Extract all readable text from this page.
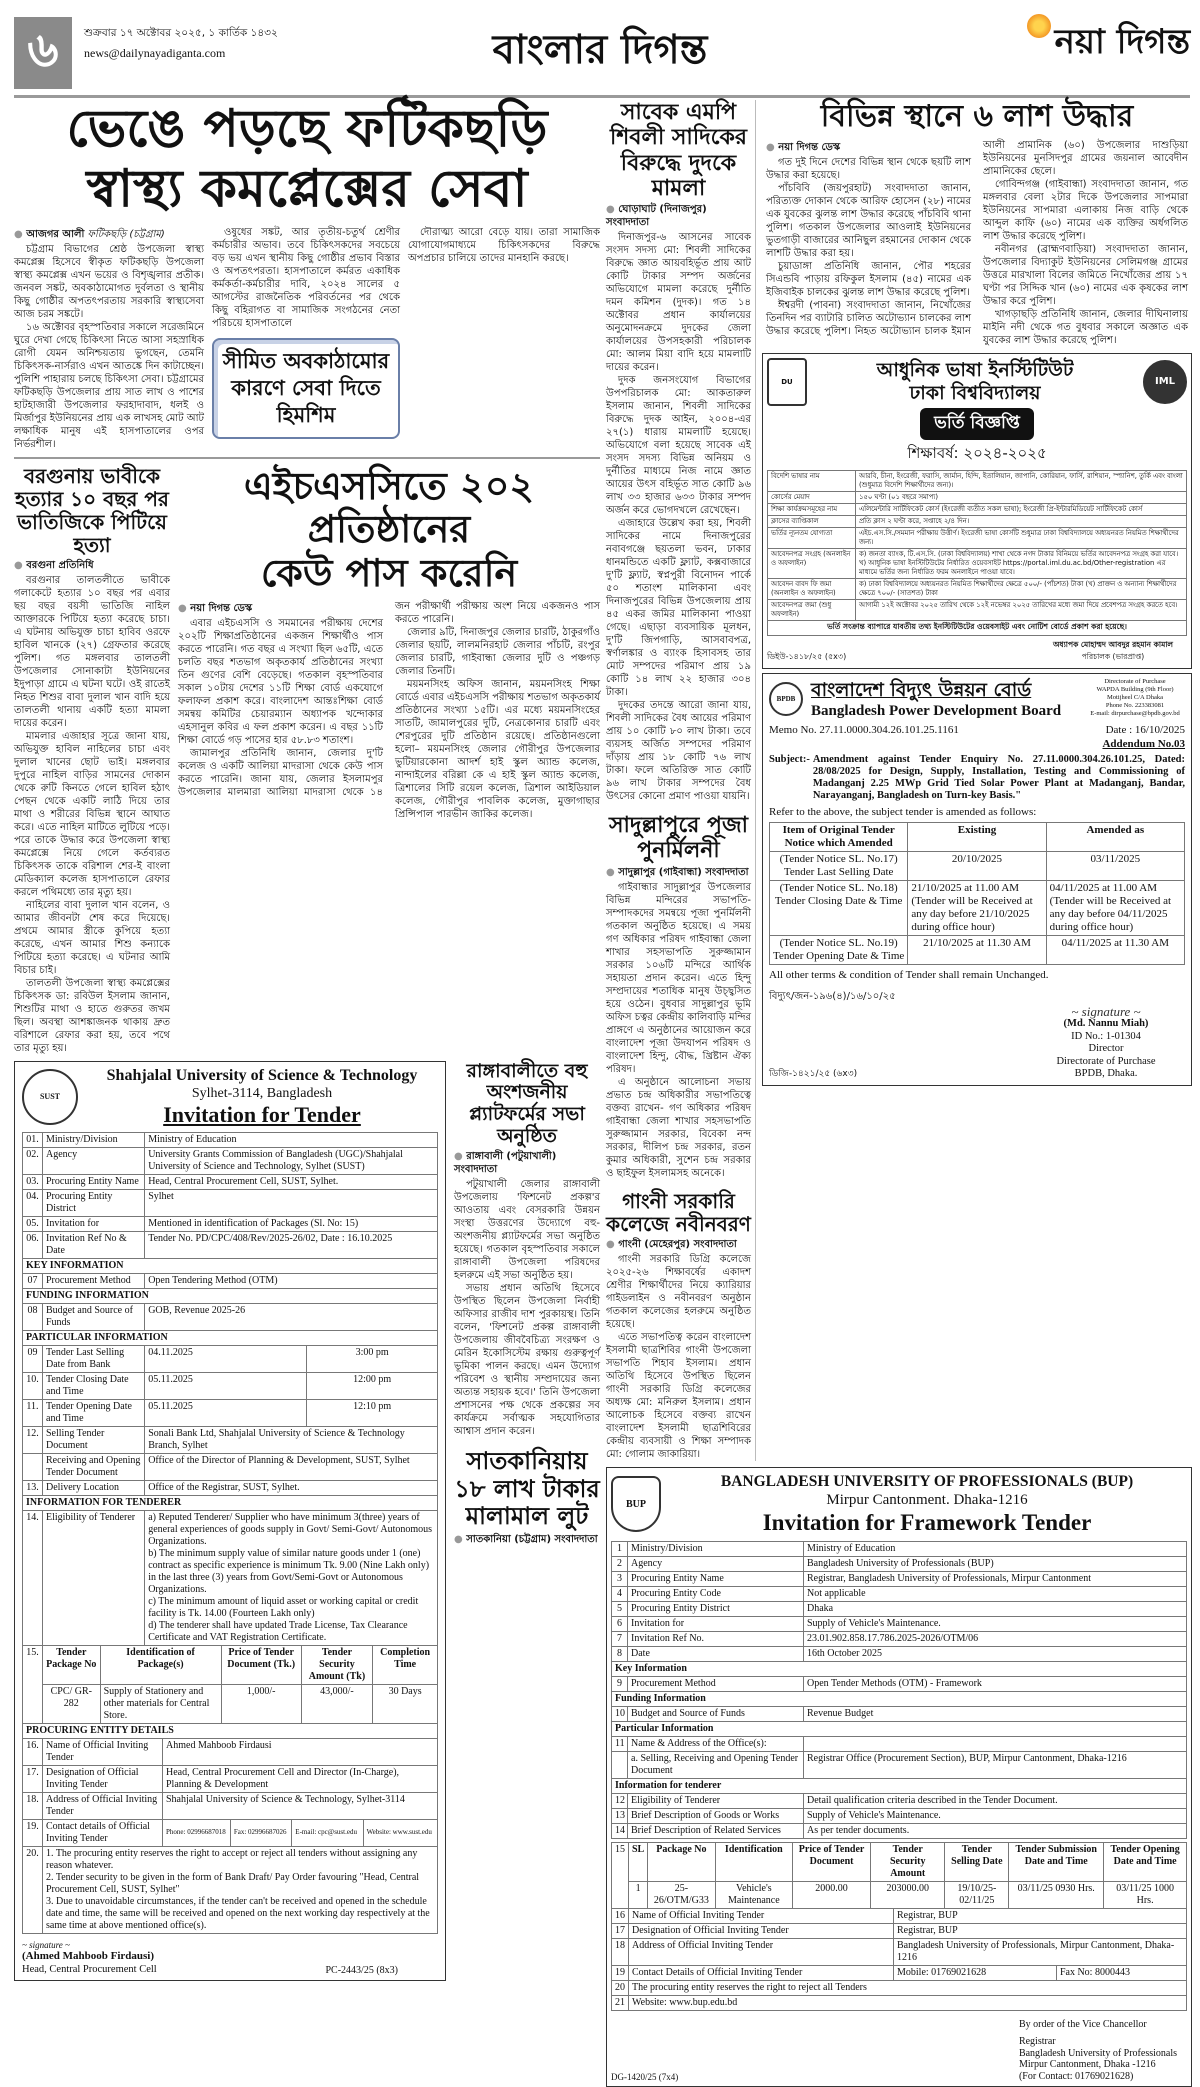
৬	শুক্রবার ১৭ অক্টোবর ২০২৫, ১ কার্তিক ১৪৩২
news@dailynayadiganta.com	বাংলার দিগন্ত	নয়া দিগন্ত
ভেঙে পড়ছে ফটিকছড়ি
স্বাস্থ্য কমপ্লেক্সের সেবা
● আজগর আলী ফটিকছড়ি (চট্টগ্রাম)

চট্টগ্রাম বিভাগের শ্রেষ্ঠ উপজেলা স্বাস্থ্য কমপ্লেক্স হিসেবে স্বীকৃত ফটিকছড়ি উপজেলা স্বাস্থ্য কমপ্লেক্স এখন ভয়ের ও বিশৃঙ্খলার প্রতীক। জনবল সঙ্কট, অবকাঠামোগত দুর্বলতা ও স্থানীয় কিছু গোষ্ঠীর অপতৎপরতায় সরকারি স্বাস্থ্যসেবা আজ চরম সঙ্কটে।

১৬ অক্টোবর বৃহস্পতিবার সকালে সরেজমিনে ঘুরে দেখা গেছে চিকিৎসা নিতে আসা সহস্রাধিক রোগী যেমন অনিশ্চয়তায় ভুগছেন, তেমনি চিকিৎসক-নার্সরাও এখন আতঙ্কে দিন কাটাচ্ছেন। পুলিশি পাহারায় চলছে চিকিৎসা সেবা। চট্টগ্রামের ফটিকছড়ি উপজেলার প্রায় সাত লাখ ও পাশের হাটহাজারী উপজেলার ফরহাদাবাদ, ধলই ও মির্জাপুর ইউনিয়নের প্রায় এক লাখসহ মোট আট লক্ষাধিক মানুষ এই হাসপাতালের ওপর নির্ভরশীল।

ওষুধের সঙ্কট, আর তৃতীয়-চতুর্থ শ্রেণীর কর্মচারীর অভাব। তবে চিকিৎসকদের সবচেয়ে বড় ভয় এখন স্থানীয় কিছু গোষ্ঠীর প্রভাব বিস্তার ও অপতৎপরতা। হাসপাতালে কর্মরত একাধিক কর্মকর্তা-কর্মচারীর দাবি, ২০২৪ সালের ৫ আগস্টের রাজনৈতিক পরিবর্তনের পর থেকে কিছু বহিরাগত বা সামাজিক সংগঠনের নেতা পরিচয়ে হাসপাতালে

সীমিত অবকাঠামোর কারণে সেবা দিতে হিমশিম

দৌরাত্ম্য আরো বেড়ে যায়। তারা সামাজিক যোগাযোগমাধ্যমে চিকিৎসকদের বিরুদ্ধে অপপ্রচার চালিয়ে তাদের মানহানি করছে।

বরগুনায় ভাবীকে হত্যার ১০ বছর পর ভাতিজিকে পিটিয়ে হত্যা
● বরগুনা প্রতিনিধি

বরগুনার তালতলীতে ভাবীকে গলাকেটে হত্যার ১০ বছর পর এবার ছয় বছর বয়সী ভাতিজি নাহিল আক্তারকে পিটিয়ে হত্যা করেছে চাচা। এ ঘটনায় অভিযুক্ত চাচা হাবিব ওরফে হাবিল খানকে (২৭) গ্রেফতার করেছে পুলিশ। গত মঙ্গলবার তালতলী উপজেলার সোনাকাটা ইউনিয়নের ইদুপাড়া গ্রামে এ ঘটনা ঘটে। ওই রাতেই নিহত শিশুর বাবা দুলাল খান বাদি হয়ে তালতলী থানায় একটি হত্যা মামলা দায়ের করেন।

মামলার এজাহার সূত্রে জানা যায়, অভিযুক্ত হাবিল নাহিলের চাচা এবং দুলাল খানের ছোট ভাই। মঙ্গলবার দুপুরে নাহিল বাড়ির সামনের দোকান থেকে রুটি কিনতে গেলে হাবিল হঠাৎ পেছন থেকে একটি লাঠি দিয়ে তার মাথা ও শরীরের বিভিন্ন স্থানে আঘাত করে। এতে নাহিল মাটিতে লুটিয়ে পড়ে। পরে তাকে উদ্ধার করে উপজেলা স্বাস্থ্য কমপ্লেক্সে নিয়ে গেলে কর্তব্যরত চিকিৎসক তাকে বরিশাল শের-ই বাংলা মেডিক্যাল কলেজ হাসপাতালে রেফার করলে পথিমধ্যে তার মৃত্যু হয়।

নাহিলের বাবা দুলাল খান বলেন, ও আমার জীবনটা শেষ করে দিয়েছে। প্রথমে আমার স্ত্রীকে কুপিয়ে হত্যা করেছে, এখন আমার শিশু কন্যাকে পিটিয়ে হত্যা করেছে। এ ঘটনার আমি বিচার চাই।

তালতলী উপজেলা স্বাস্থ্য কমপ্লেক্সের চিকিৎসক ডা: রবিউল ইসলাম জানান, শিশুটির মাথা ও হাতে গুরুতর জখম ছিল। অবস্থা আশঙ্কাজনক থাকায় দ্রুত বরিশালে রেফার করা হয়, তবে পথে তার মৃত্যু হয়।

এইচএসসিতে ২০২ প্রতিষ্ঠানের
কেউ পাস করেনি
● নয়া দিগন্ত ডেস্ক

এবার এইচএসসি ও সমমানের পরীক্ষায় দেশের ২০২টি শিক্ষাপ্রতিষ্ঠানের একজন শিক্ষার্থীও পাস করতে পারেনি। গত বছর এ সংখ্যা ছিল ৬৫টি, এতে চলতি বছর শতভাগ অকৃতকার্য প্রতিষ্ঠানের সংখ্যা তিন গুণের বেশি বেড়েছে। গতকাল বৃহস্পতিবার সকাল ১০টায় দেশের ১১টি শিক্ষা বোর্ড একযোগে ফলাফল প্রকাশ করে। বাংলাদেশ আন্তঃশিক্ষা বোর্ড সমন্বয় কমিটির চেয়ারম্যান অধ্যাপক খন্দোকার এহসানুল কবির এ ফল প্রকাশ করেন। এ বছর ১১টি শিক্ষা বোর্ডে গড় পাসের হার ৫৮.৮৩ শতাংশ।

জামালপুর প্রতিনিধি জানান, জেলার দু'টি কলেজ ও একটি আলিয়া মাদরাসা থেকে কেউ পাস করতে পারেনি। জানা যায়, জেলার ইসলামপুর উপজেলার মালমারা আলিয়া মাদরাসা থেকে ১৪ জন পরীক্ষার্থী পরীক্ষায় অংশ নিয়ে একজনও পাস করতে পারেনি।

জেলার ৯টি, দিনাজপুর জেলার চারটি, ঠাকুরগাঁও জেলার ছয়টি, লালমনিরহাট জেলার পাঁচটি, রংপুর জেলার চারটি, গাইবান্ধা জেলার দুটি ও পঞ্চগড় জেলার তিনটি।

ময়মনসিংহ অফিস জানান, ময়মনসিংহ শিক্ষা বোর্ডে এবার এইচএসসি পরীক্ষায় শতভাগ অকৃতকার্য প্রতিষ্ঠানের সংখ্যা ১৫টি। এর মধ্যে ময়মনসিংহের সাতটি, জামালপুরের দুটি, নেত্রকোনার চারটি এবং শেরপুরের দুটি প্রতিষ্ঠান রয়েছে। প্রতিষ্ঠানগুলো হলো– ময়মনসিংহ জেলার গৌরীপুর উপজেলার ভুটিয়ারকোনা আদর্শ হাই স্কুল অ্যান্ড কলেজ, নান্দাইলের বরিল্লা কে এ হাই স্কুল অ্যান্ড কলেজ, ত্রিশালের সিটি রয়েল কলেজ, ত্রিশাল আইডিয়াল কলেজ, গৌরীপুর পাবলিক কলেজ, মুক্তাগাছার প্রিন্সিপাল পারভীন জাকির কলেজ।

SUST
Shahjalal University of Science & Technology
Sylhet-3114, Bangladesh
Invitation for Tender
01.	Ministry/Division	Ministry of Education	
02.	Agency	University Grants Commission of Bangladesh (UGC)/Shahjalal University of Science and Technology, Sylhet (SUST)	
03.	Procuring Entity Name	Head, Central Procurement Cell, SUST, Sylhet.	
04.	Procuring Entity District	Sylhet	
05.	Invitation for	Mentioned in identification of Packages (Sl. No: 15)	
06.	Invitation Ref No & Date	Tender No. PD/CPC/408/Rev/2025-26/02, Date : 16.10.2025	
KEY INFORMATION			
07	Procurement Method	Open Tendering Method (OTM)	
FUNDING INFORMATION			
08	Budget and Source of Funds	GOB, Revenue 2025-26	
PARTICULAR INFORMATION			
09	Tender Last Selling Date from Bank	04.11.2025	3:00 pm
10.	Tender Closing Date and Time	05.11.2025	12:00 pm
11.	Tender Opening Date and Time	05.11.2025	12:10 pm
12.	Selling Tender Document	Sonali Bank Ltd, Shahjalal University of Science & Technology Branch, Sylhet	
	Receiving and Opening Tender Document	Office of the Director of Planning & Development, SUST, Sylhet	
13.	Delivery Location	Office of the Registrar, SUST, Sylhet.	
INFORMATION FOR TENDERER			
14.	Eligibility of Tenderer	a) Reputed Tenderer/ Supplier who have minimum 3(three) years of general experiences of goods supply in Govt/ Semi-Govt/ Autonomous Organizations.
b) The minimum supply value of similar nature goods under 1 (one) contract as specific experience is minimum Tk. 9.00 (Nine Lakh only) in the last three (3) years from Govt/Semi-Govt or Autonomous Organizations.
c) The minimum amount of liquid asset or working capital or credit facility is Tk. 14.00 (Fourteen Lakh only)
d) The tenderer shall have updated Trade License, Tax Clearance Certificate and VAT Registration Certificate.	
15.	Tender Package No	Identification of Package(s)	Price of Tender Document (Tk.)	Tender Security Amount (Tk)	Completion Time
	CPC/ GR-282	Supply of Stationery and other materials for Central Store.	1,000/-	43,000/-	30 Days
PROCURING ENTITY DETAILS					
16.	Name of Official Inviting Tender	Ahmed Mahboob Firdausi			
17.	Designation of Official Inviting Tender	Head, Central Procurement Cell and Director (In-Charge), Planning & Development			
18.	Address of Official Inviting Tender	Shahjalal University of Science & Technology, Sylhet-3114			
19.	Contact details of Official Inviting Tender	Phone: 02996687018	Fax: 02996687026	E-mail: cpc@sust.edu	Website: www.sust.edu
20.	1. The procuring entity reserves the right to accept or reject all tenders without assigning any reason whatever.
2. Tender security to be given in the form of Bank Draft/ Pay Order favouring "Head, Central Procurement Cell, SUST, Sylhet"
3. Due to unavoidable circumstances, if the tender can't be received and opened in the schedule date and time, the same will be received and opened on the next working day respectively at the same time at above mentioned office(s).				
~ signature ~
(Ahmed Mahboob Firdausi)
Head, Central Procurement Cell	PC-2443/25 (8x3)
রাঙ্গাবালীতে বহু অংশজনীয় প্ল্যাটফর্মের সভা অনুষ্ঠিত
● রাঙ্গাবালী (পটুয়াখালী) সংবাদদাতা

পটুয়াখালী জেলার রাঙ্গাবালী উপজেলায় 'ফিশনেট প্রকল্প'র আওতায় এবং বেসরকারি উন্নয়ন সংস্থা উত্তরণের উদ্যোগে বহু-অংশজনীয় প্ল্যাটফর্মের সভা অনুষ্ঠিত হয়েছে। গতকাল বৃহস্পতিবার সকালে রাঙ্গাবালী উপজেলা পরিষদের হলরুমে এই সভা অনুষ্ঠিত হয়।

সভায় প্রধান অতিথি হিসেবে উপস্থিত ছিলেন উপজেলা নির্বাহী অফিসার রাজীব দাশ পুরকায়স্থ। তিনি বলেন, 'ফিশনেট প্রকল্প রাঙ্গাবালী উপজেলায় জীববৈচিত্র্য সংরক্ষণ ও মেরিন ইকোসিস্টেম রক্ষায় গুরুত্বপূর্ণ ভূমিকা পালন করছে। এমন উদ্যোগ পরিবেশ ও স্থানীয় সম্প্রদায়ের জন্য অত্যন্ত সহায়ক হবে।' তিনি উপজেলা প্রশাসনের পক্ষ থেকে প্রকল্পের সব কার্যক্রমে সর্বাত্মক সহযোগিতার আশ্বাস প্রদান করেন।

সাতকানিয়ায় ১৮ লাখ টাকার মালামাল লুট
● সাতকানিয়া (চট্টগ্রাম) সংবাদদাতা
সাবেক এমপি শিবলী সাদিকের বিরুদ্ধে দুদকে মামলা
● ঘোড়াঘাট (দিনাজপুর) সংবাদদাতা

দিনাজপুর-৬ আসনের সাবেক সংসদ সদস্য মো: শিবলী সাদিকের বিরুদ্ধে জ্ঞাত আয়বহির্ভূত প্রায় আট কোটি টাকার সম্পদ অর্জনের অভিযোগে মামলা করেছে দুর্নীতি দমন কমিশন (দুদক)। গত ১৪ অক্টোবর প্রধান কার্যালয়ের অনুমোদনক্রমে দুদকের জেলা কার্যালয়ের উপসহকারী পরিচালক মো: আলম মিয়া বাদি হয়ে মামলাটি দায়ের করেন।

দুদক জনসংযোগ বিভাগের উপপরিচালক মো: আকতারুল ইসলাম জানান, শিবলী সাদিকের বিরুদ্ধে দুদক আইন, ২০০৪-এর ২৭(১) ধারায় মামলাটি হয়েছে। অভিযোগে বলা হয়েছে সাবেক এই সংসদ সদস্য বিভিন্ন অনিয়ম ও দুর্নীতির মাধ্যমে নিজ নামে জ্ঞাত আয়ের উৎস বহির্ভূত সাত কোটি ৯৬ লাখ ৩৩ হাজার ৬৩৩ টাকার সম্পদ অর্জন করে ভোগদখলে রেখেছেন।

এজাহারে উল্লেখ করা হয়, শিবলী সাদিকের নামে দিনাজপুরের নবাবগঞ্জে ছয়তলা ভবন, ঢাকার ধানমন্ডিতে একটি ফ্ল্যাট, কক্সবাজারে দু'টি ফ্ল্যাট, স্বপ্নপুরী বিনোদন পার্কে ৫০ শতাংশ মালিকানা এবং দিনাজপুরের বিভিন্ন উপজেলায় প্রায় ৪৫ একর জমির মালিকানা পাওয়া গেছে। এছাড়া ব্যবসায়িক মূলধন, দু'টি জিপগাড়ি, আসবাবপত্র, স্বর্ণালঙ্কার ও ব্যাংক হিসাবসহ তার মোট সম্পদের পরিমাণ প্রায় ১৯ কোটি ১৪ লাখ ২২ হাজার ৩০৪ টাকা।

দুদকের তদন্তে আরো জানা যায়, শিবলী সাদিকের বৈধ আয়ের পরিমাণ প্রায় ১০ কোটি ৮০ লাখ টাকা। তবে ব্যয়সহ অর্জিত সম্পদের পরিমাণ দাঁড়ায় প্রায় ১৮ কোটি ৭৬ লাখ টাকা। ফলে অতিরিক্ত সাত কোটি ৯৬ লাখ টাকার সম্পদের বৈধ উৎসের কোনো প্রমাণ পাওয়া যায়নি।

সাদুল্লাপুরে পূজা পুনর্মিলনী
● সাদুল্লাপুর (গাইবান্ধা) সংবাদদাতা

গাইবান্ধার সাদুল্লাপুর উপজেলার বিভিন্ন মন্দিরের সভাপতি-সম্পাদকদের সমন্বয়ে পূজা পুনর্মিলনী গতকাল অনুষ্ঠিত হয়েছে। এ সময় গণ অধিকার পরিষদ গাইবান্ধা জেলা শাখার সহসভাপতি সুরুজ্জামান সরকার ১০৬টি মন্দিরে আর্থিক সহায়তা প্রদান করেন। এতে হিন্দু সম্প্রদায়ের শতাধিক মানুষ উচ্ছ্বসিত হয়ে ওঠেন। বুধবার সাদুল্লাপুর ভূমি অফিস চত্বর কেন্দ্রীয় কালিবাড়ি মন্দির প্রাঙ্গণে এ অনুষ্ঠানের আয়োজন করে বাংলাদেশ পূজা উদযাপন পরিষদ ও বাংলাদেশ হিন্দু, বৌদ্ধ, খ্রিষ্টান ঐক্য পরিষদ।

এ অনুষ্ঠানে আলোচনা সভায় প্রভাত চন্দ্র অধিকারীর সভাপতিত্বে বক্তব্য রাখেন- গণ অধিকার পরিষদ গাইবান্ধা জেলা শাখার সহসভাপতি সুরুজ্জামান সরকার, বিবেকা নন্দ সরকার, দীলিপ চন্দ্র সরকার, রতন কুমার অধিকারী, সুশেন চন্দ্র সরকার ও ছাইফুল ইসলামসহ অনেকে।

গাংনী সরকারি কলেজে নবীনবরণ
● গাংনী (মেহেরপুর) সংবাদদাতা

গাংনী সরকারি ডিগ্রি কলেজে ২০২৫-২৬ শিক্ষাবর্ষের একাদশ শ্রেণীর শিক্ষার্থীদের নিয়ে ক্যারিয়ার গাইডলাইন ও নবীনবরণ অনুষ্ঠান গতকাল কলেজের হলরুমে অনুষ্ঠিত হয়েছে।

এতে সভাপতিত্ব করেন বাংলাদেশ ইসলামী ছাত্রশিবির গাংনী উপজেলা সভাপতি শিহাব ইসলাম। প্রধান অতিথি হিসেবে উপস্থিত ছিলেন গাংনী সরকারি ডিগ্রি কলেজের অধ্যক্ষ মো: মনিরুল ইসলাম। প্রধান আলোচক হিসেবে বক্তব্য রাখেন বাংলাদেশ ইসলামী ছাত্রশিবিরের কেন্দ্রীয় ব্যবসায়ী ও শিক্ষা সম্পাদক মো: গোলাম জাকারিয়া।

বিভিন্ন স্থানে ৬ লাশ উদ্ধার
● নয়া দিগন্ত ডেস্ক

গত দুই দিনে দেশের বিভিন্ন স্থান থেকে ছয়টি লাশ উদ্ধার করা হয়েছে।

পাঁচবিবি (জয়পুরহাট) সংবাদদাতা জানান, পরিত্যক্ত দোকান থেকে আরিফ হোসেন (২৮) নামের এক যুবকের ঝুলন্ত লাশ উদ্ধার করেছে পাঁচবিবি থানা পুলিশ। গতকাল উপজেলার আওলাই ইউনিয়নের ভুতগাড়ী বাজারের আনিছুল রহমানের দোকান থেকে লাশটি উদ্ধার করা হয়।

চুয়াডাঙ্গা প্রতিনিধি জানান, পৌর শহরের সিএন্ডবি পাড়ায় রফিকুল ইসলাম (৪৫) নামের এক ইজিবাইক চালকের ঝুলন্ত লাশ উদ্ধার করেছে পুলিশ।

ঈশ্বরদী (পাবনা) সংবাদদাতা জানান, নিখোঁজের তিনদিন পর ব্যাটারি চালিত অটোভ্যান চালকের লাশ উদ্ধার করেছে পুলিশ। নিহত অটোভ্যান চালক ইমান আলী প্রামানিক (৬০) উপজেলার দাশুড়িয়া ইউনিয়নের মুনসিদপুর গ্রামের জয়নাল আবেদীন প্রামানিকের ছেলে।

গোবিন্দগঞ্জ (গাইবান্ধা) সংবাদদাতা জানান, গত মঙ্গলবার বেলা ২টার দিকে উপজেলার সাপমারা ইউনিয়নের সাপমারা এলাকায় নিজ বাড়ি থেকে আব্দুল কাফি (৬০) নামের এক ব্যক্তির অর্ধগলিত লাশ উদ্ধার করেছে পুলিশ।

নবীনগর (ব্রাহ্মণবাড়িয়া) সংবাদদাতা জানান, উপজেলার বিদ্যাকুট ইউনিয়নের সেলিমগঞ্জ গ্রামের উত্তরে মারখালা বিলের জমিতে নিখোঁজের প্রায় ১৭ ঘণ্টা পর সিদ্দিক খান (৬০) নামের এক কৃষকের লাশ উদ্ধার করে পুলিশ।

খাগড়াছড়ি প্রতিনিধি জানান, জেলার দীঘিনালায় মাইনি নদী থেকে গত বুধবার সকালে অজ্ঞাত এক যুবকের লাশ উদ্ধার করেছে পুলিশ।

DU
আধুনিক ভাষা ইনস্টিটিউট
ঢাকা বিশ্ববিদ্যালয়	IML
ভর্তি বিজ্ঞপ্তি
শিক্ষাবর্ষ: ২০২৪-২০২৫
বিদেশি ভাষার নাম	আরবি, চীনা, ইংরেজী, ফরাসি, জার্মান, হিন্দি, ইতালিয়ান, জাপানি, কোরিয়ান, ফার্সি, রাশিয়ান, স্প্যানিশ, তুর্কি এবং বাংলা (শুধুমাত্র বিদেশি শিক্ষার্থীদের জন্য)।
কোর্সের মেয়াদ	১৫০ ঘণ্টা (০১ বছরে সমাপ্য)
শিক্ষা কার্যক্রমসমূহের নাম	এলিমেন্টারি সার্টিফিকেট কোর্স (ইংরেজী ব্যতীত সকল ভাষা); ইংরেজী প্রি-ইন্টারমিডিয়েট সার্টিফিকেট কোর্স
ক্লাসের ব্যাপ্তিকাল	প্রতি ক্লাস ২ ঘণ্টা করে, সপ্তাহে ২/৪ দিন।
ভর্তির ন্যূনতম যোগ্যতা	এইচ.এস.সি./সমমান পরীক্ষায় উত্তীর্ণ। ইংরেজী ভাষা কোর্সটি শুধুমাত্র ঢাকা বিশ্ববিদ্যালয়ে অধ্যয়নরত নিয়মিত শিক্ষার্থীদের জন্য।
আবেদনপত্র সংগ্রহ (অনলাইন ও অফলাইন)	ক) জনতা ব্যাংক, টি.এস.সি. (ঢাকা বিশ্ববিদ্যালয়) শাখা থেকে নগদ টাকার বিনিময়ে ভর্তির আবেদনপত্র সংগ্রহ করা যাবে। খ) আধুনিক ভাষা ইনস্টিটিউটের নির্ধারিত ওয়েবসাইট https://portal.iml.du.ac.bd/Other-registration এর মাধ্যমে ভর্তির জন্য নির্ধারিত ফরম অনলাইনে পাওয়া যাবে।
আবেদন বাবদ ফি জমা (অনলাইন ও অফলাইন)	ক) ঢাকা বিশ্ববিদ্যালয়ে অধ্যয়নরত নিয়মিত শিক্ষার্থীদের ক্ষেত্রে ৫০০/- (পাঁচশত) টাকা (খ) প্রাক্তন ও অন্যান্য শিক্ষার্থীদের ক্ষেত্রে ৭০০/- (সাতশত) টাকা
আবেদনপত্র জমা (শুধু অফলাইন)	আগামী ১২ই অক্টোবর ২০২৫ তারিখ থেকে ১২ই নভেম্বর ২০২৫ তারিখের মধ্যে জমা দিয়ে প্রবেশপত্র সংগ্রহ করতে হবে।
ভর্তি সংক্রান্ত ব্যাপারে যাবতীয় তথ্য ইনস্টিটিউটের ওয়েবসাইট এবং নোটিশ বোর্ডে প্রকাশ করা হয়েছে।
ডিইউ-১৪১৮/২৫ (৫x৩)
অধ্যাপক মোহাম্মদ আবদুর রহমান কামাল
পরিচালক (ভারপ্রাপ্ত)
BPDB বাংলাদেশ বিদ্যুৎ উন্নয়ন বোর্ড
Bangladesh Power Development Board
Directorate of Purchase
WAPDA Building (9th Floor)
Motijheel C/A Dhaka
Phone No. 223383081
E-mail: dirpurchase@bpdb.gov.bd
Memo No. 27.11.0000.304.26.101.25.1161	Date : 16/10/2025
Addendum No.03
Subject:- Amendment against Tender Enquiry No. 27.11.0000.304.26.101.25, Dated: 28/08/2025 for Design, Supply, Installation, Testing and Commissioning of Madanganj 2.25 MWp Grid Tied Solar Power Plant at Madanganj, Bandar, Narayanganj, Bangladesh on Turn-key Basis."
Refer to the above, the subject tender is amended as follows:
Item of Original Tender Notice which Amended	Existing	Amended as
(Tender Notice SL. No.17) Tender Last Selling Date	20/10/2025	03/11/2025
(Tender Notice SL. No.18) Tender Closing Date & Time	21/10/2025 at 11.00 AM (Tender will be Received at any day before 21/10/2025 during office hour)	04/11/2025 at 11.00 AM (Tender will be Received at any day before 04/11/2025 during office hour)
(Tender Notice SL. No.19) Tender Opening Date & Time	21/10/2025 at 11.30 AM	04/11/2025 at 11.30 AM
All other terms & condition of Tender shall remain Unchanged.
বিদ্যুৎ/জন-১৯৬(৪)/১৬/১০/২৫
ডিজি-১৪২১/২৫ (৬x৩)
~ signature ~
(Md. Nannu Miah)
ID No.: 1-01304
Director
Directorate of Purchase
BPDB, Dhaka.
BUP
BANGLADESH UNIVERSITY OF PROFESSIONALS (BUP)
Mirpur Cantonment. Dhaka-1216
Invitation for Framework Tender
1	Ministry/Division	Ministry of Education
2	Agency	Bangladesh University of Professionals (BUP)
3	Procuring Entity Name	Registrar, Bangladesh University of Professionals, Mirpur Cantonment
4	Procuring Entity Code	Not applicable
5	Procuring Entity District	Dhaka
6	Invitation for	Supply of Vehicle's Maintenance.
7	Invitation Ref No.	23.01.902.858.17.786.2025-2026/OTM/06
8	Date	16th October 2025
Key Information		
9	Procurement Method	Open Tender Methods (OTM) - Framework
Funding Information		
10	Budget and Source of Funds	Revenue Budget
Particular Information		
11	Name & Address of the Office(s):	
	a. Selling, Receiving and Opening Tender Document	Registrar Office (Procurement Section), BUP, Mirpur Cantonment, Dhaka-1216
Information for tenderer		
12	Eligibility of Tenderer	Detail qualification criteria described in the Tender Document.
13	Brief Description of Goods or Works	Supply of Vehicle's Maintenance.
14	Brief Description of Related Services	As per tender documents.
15	SL	Package No	Identification	Price of Tender Document	Tender Security Amount	Tender Selling Date	Tender Submission Date and Time	Tender Opening Date and Time
	1	25-26/OTM/G33	Vehicle's Maintenance	2000.00	203000.00	19/10/25-02/11/25	03/11/25 0930 Hrs.	03/11/25 1000 Hrs.
16	Name of Official Inviting Tender	Registrar, BUP	
17	Designation of Official Inviting Tender	Registrar, BUP	
18	Address of Official Inviting Tender	Bangladesh University of Professionals, Mirpur Cantonment, Dhaka-1216	
19	Contact Details of Official Inviting Tender	Mobile: 01769021628	Fax No: 8000443
20	The procuring entity reserves the right to reject all Tenders		
21	Website: www.bup.edu.bd		
DG-1420/25 (7x4)
By order of the Vice Chancellor
Registrar
Bangladesh University of Professionals
Mirpur Cantonment, Dhaka -1216
(For Contact: 01769021628)
